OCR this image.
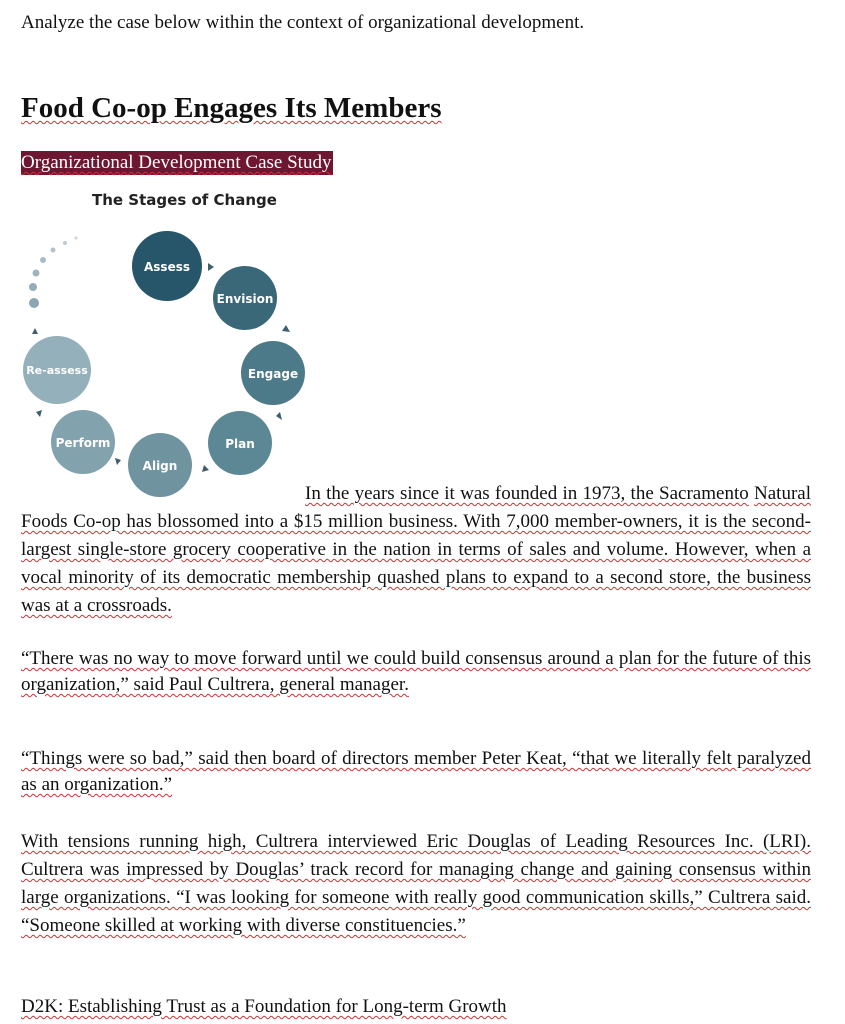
Analyze the case below within the context of organizational development.

Food Co-op Engages Its Members
Organizational Development Case Study
The Stages of Change
Assess
Envision
Engage
Plan
Align
Perform
Re-assess

In the years since it was founded in 1973, the Sacramento Natural Foods Co-op has blossomed into a $15 million business. With 7,000 member-owners, it is the second-largest single-store grocery cooperative in the nation in terms of sales and volume. However, when a vocal minority of its democratic membership quashed plans to expand to a second store, the business was at a crossroads.

“There was no way to move forward until we could build consensus around a plan for the future of this organization,” said Paul Cultrera, general manager.

“Things were so bad,” said then board of directors member Peter Keat, “that we literally felt paralyzed as an organization.”

With tensions running high, Cultrera interviewed Eric Douglas of Leading Resources Inc. (LRI). Cultrera was impressed by Douglas’ track record for managing change and gaining consensus within large organizations. “I was looking for someone with really good communication skills,” Cultrera said. “Someone skilled at working with diverse constituencies.”

D2K: Establishing Trust as a Foundation for Long-term Growth
